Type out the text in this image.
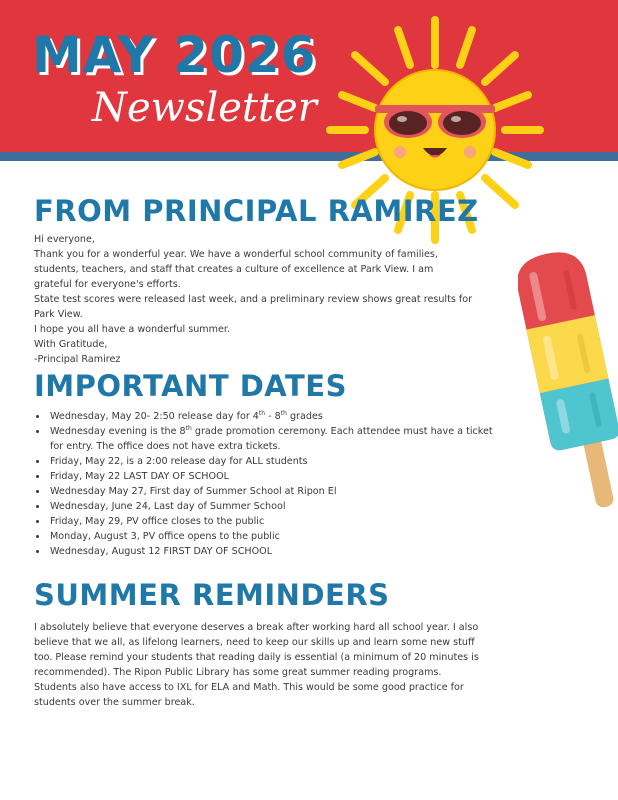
MAY 2026
Newsletter
FROM PRINCIPAL RAMIREZ
Hi everyone,
Thank you for a wonderful year. We have a wonderful school community of families, students, teachers, and staff that creates a culture of excellence at Park View. I am grateful for everyone's efforts.
State test scores were released last week, and a preliminary review shows great results for Park View.
I hope you all have a wonderful summer.
With Gratitude,
-Principal Ramirez
IMPORTANT DATES
• Wednesday, May 20- 2:50 release day for 4th - 8th grades
• Wednesday evening is the 8th grade promotion ceremony. Each attendee must have a ticket for entry. The office does not have extra tickets.
• Friday, May 22, is a 2:00 release day for ALL students
• Friday, May 22 LAST DAY OF SCHOOL
• Wednesday May 27, First day of Summer School at Ripon El
• Wednesday, June 24, Last day of Summer School
• Friday, May 29, PV office closes to the public
• Monday, August 3, PV office opens to the public
• Wednesday, August 12 FIRST DAY OF SCHOOL
SUMMER REMINDERS
I absolutely believe that everyone deserves a break after working hard all school year. I also believe that we all, as lifelong learners, need to keep our skills up and learn some new stuff too. Please remind your students that reading daily is essential (a minimum of 20 minutes is recommended). The Ripon Public Library has some great summer reading programs.
Students also have access to IXL for ELA and Math. This would be some good practice for students over the summer break.
